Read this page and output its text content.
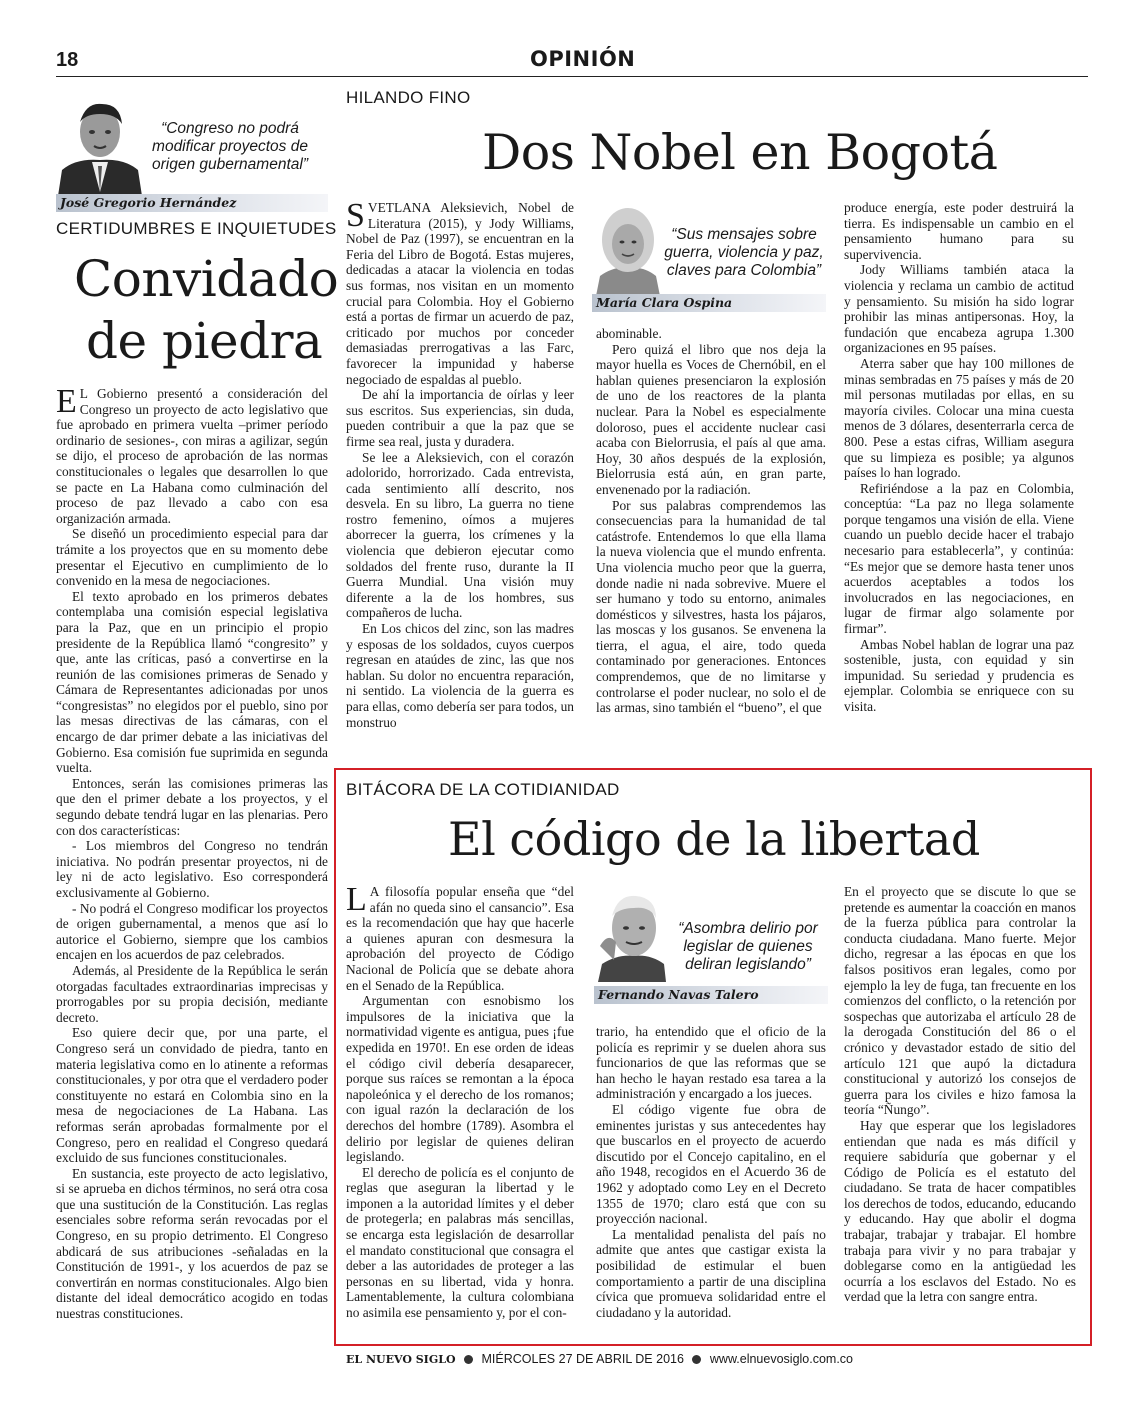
18	OPINIÓN
“Congreso no podrá modificar proyectos de origen gubernamental”
José Gregorio Hernández
CERTIDUMBRES E INQUIETUDES
Convidado
de piedra

E L Gobierno presentó a consideración del Congreso un proyecto de acto legislativo que fue aprobado en primera vuelta –primer período ordinario de sesiones-, con miras a agilizar, según se dijo, el proceso de aprobación de las normas constitucionales o legales que desarrollen lo que se pacte en La Habana como culminación del proceso de paz llevado a cabo con esa organización armada.

Se diseñó un procedimiento especial para dar trámite a los proyectos que en su momento debe presentar el Ejecutivo en cumplimiento de lo convenido en la mesa de negociaciones.

El texto aprobado en los primeros debates contemplaba una comisión especial legislativa para la Paz, que en un principio el propio presidente de la República llamó “congresito” y que, ante las críticas, pasó a convertirse en la reunión de las comisiones primeras de Senado y Cámara de Representantes adicionadas por unos “congresistas” no elegidos por el pueblo, sino por las mesas directivas de las cámaras, con el encargo de dar primer debate a las iniciativas del Gobierno. Esa comisión fue suprimida en segunda vuelta.

Entonces, serán las comisiones primeras las que den el primer debate a los proyectos, y el segundo debate tendrá lugar en las plenarias. Pero con dos características:

- Los miembros del Congreso no tendrán iniciativa. No podrán presentar proyectos, ni de ley ni de acto legislativo. Eso corresponderá exclusivamente al Gobierno.

- No podrá el Congreso modificar los proyectos de origen gubernamental, a menos que así lo autorice el Gobierno, siempre que los cambios encajen en los acuerdos de paz celebrados.

Además, al Presidente de la República le serán otorgadas facultades extraordinarias imprecisas y prorrogables por su propia decisión, mediante decreto.

Eso quiere decir que, por una parte, el Congreso será un convidado de piedra, tanto en materia legislativa como en lo atinente a reformas constitucionales, y por otra que el verdadero poder constituyente no estará en Colombia sino en la mesa de negociaciones de La Habana. Las reformas serán aprobadas formalmente por el Congreso, pero en realidad el Congreso quedará excluido de sus funciones constitucionales.

En sustancia, este proyecto de acto legislativo, si se aprueba en dichos términos, no será otra cosa que una sustitución de la Constitución. Las reglas esenciales sobre reforma serán revocadas por el Congreso, en su propio detrimento. El Congreso abdicará de sus atribuciones -señaladas en la Constitución de 1991-, y los acuerdos de paz se convertirán en normas constitucionales. Algo bien distante del ideal democrático acogido en todas nuestras constituciones.

HILANDO FINO
Dos Nobel en Bogotá

SVETLANA Aleksievich, Nobel de Literatura (2015), y Jody Williams, Nobel de Paz (1997), se encuentran en la Feria del Libro de Bogotá. Estas mujeres, dedicadas a atacar la violencia en todas sus formas, nos visitan en un momento crucial para Colombia. Hoy el Gobierno está a portas de firmar un acuerdo de paz, criticado por muchos por conceder demasiadas prerrogativas a las Farc, favorecer la impunidad y haberse negociado de espaldas al pueblo.

De ahí la importancia de oírlas y leer sus escritos. Sus experiencias, sin duda, pueden contribuir a que la paz que se firme sea real, justa y duradera.

Se lee a Aleksievich, con el corazón adolorido, horrorizado. Cada entrevista, cada sentimiento allí descrito, nos desvela. En su libro, La guerra no tiene rostro femenino, oímos a mujeres aborrecer la guerra, los crímenes y la violencia que debieron ejecutar como soldados del frente ruso, durante la II Guerra Mundial. Una visión muy diferente a la de los hombres, sus compañeros de lucha.

En Los chicos del zinc, son las madres y esposas de los soldados, cuyos cuerpos regresan en ataúdes de zinc, las que nos hablan. Su dolor no encuentra reparación, ni sentido. La violencia de la guerra es para ellas, como debería ser para todos, un monstruo

“Sus mensajes sobre guerra, violencia y paz, claves para Colombia”
María Clara Ospina

abominable.

Pero quizá el libro que nos deja la mayor huella es Voces de Chernóbil, en el hablan quienes presenciaron la explosión de uno de los reactores de la planta nuclear. Para la Nobel es especialmente doloroso, pues el accidente nuclear casi acaba con Bielorrusia, el país al que ama. Hoy, 30 años después de la explosión, Bielorrusia está aún, en gran parte, envenenado por la radiación.

Por sus palabras comprendemos las consecuencias para la humanidad de tal catástrofe. Entendemos lo que ella llama la nueva violencia que el mundo enfrenta. Una violencia mucho peor que la guerra, donde nadie ni nada sobrevive. Muere el ser humano y todo su entorno, animales domésticos y silvestres, hasta los pájaros, las moscas y los gusanos. Se envenena la tierra, el agua, el aire, todo queda contaminado por generaciones. Entonces comprendemos, que de no limitarse y controlarse el poder nuclear, no solo el de las armas, sino también el “bueno”, el que

produce energía, este poder destruirá la tierra. Es indispensable un cambio en el pensamiento humano para su supervivencia.

Jody Williams también ataca la violencia y reclama un cambio de actitud y pensamiento. Su misión ha sido lograr prohibir las minas antipersonas. Hoy, la fundación que encabeza agrupa 1.300 organizaciones en 95 países.

Aterra saber que hay 100 millones de minas sembradas en 75 países y más de 20 mil personas mutiladas por ellas, en su mayoría civiles. Colocar una mina cuesta menos de 3 dólares, desenterrarla cerca de 800. Pese a estas cifras, William asegura que su limpieza es posible; ya algunos países lo han logrado.

Refiriéndose a la paz en Colombia, conceptúa: “La paz no llega solamente porque tengamos una visión de ella. Viene cuando un pueblo decide hacer el trabajo necesario para establecerla”, y continúa: “Es mejor que se demore hasta tener unos acuerdos aceptables a todos los involucrados en las negociaciones, en lugar de firmar algo solamente por firmar”.

Ambas Nobel hablan de lograr una paz sostenible, justa, con equidad y sin impunidad. Su seriedad y prudencia es ejemplar. Colombia se enriquece con su visita.

BITÁCORA DE LA COTIDIANIDAD
El código de la libertad

L A filosofía popular enseña que “del afán no queda sino el cansancio”. Esa es la recomendación que hay que hacerle a quienes apuran con desmesura la aprobación del proyecto de Código Nacional de Policía que se debate ahora en el Senado de la República.

Argumentan con esnobismo los impulsores de la iniciativa que la normatividad vigente es antigua, pues ¡fue expedida en 1970!. En ese orden de ideas el código civil debería desaparecer, porque sus raíces se remontan a la época napoleónica y el derecho de los romanos; con igual razón la declaración de los derechos del hombre (1789). Asombra el delirio por legislar de quienes deliran legislando.

El derecho de policía es el conjunto de reglas que aseguran la libertad y le imponen a la autoridad límites y el deber de protegerla; en palabras más sencillas, se encarga esta legislación de desarrollar el mandato constitucional que consagra el deber a las autoridades de proteger a las personas en su libertad, vida y honra. Lamentablemente, la cultura colombiana no asimila ese pensamiento y, por el con-

“Asombra delirio por legislar de quienes deliran legislando”
Fernando Navas Talero

trario, ha entendido que el oficio de la policía es reprimir y se duelen ahora sus funcionarios de que las reformas que se han hecho le hayan restado esa tarea a la administración y encargado a los jueces.

El código vigente fue obra de eminentes juristas y sus antecedentes hay que buscarlos en el proyecto de acuerdo discutido por el Concejo capitalino, en el año 1948, recogidos en el Acuerdo 36 de 1962 y adoptado como Ley en el Decreto 1355 de 1970; claro está que con su proyección nacional.

La mentalidad penalista del país no admite que antes que castigar exista la posibilidad de estimular el buen comportamiento a partir de una disciplina cívica que promueva solidaridad entre el ciudadano y la autoridad.

En el proyecto que se discute lo que se pretende es aumentar la coacción en manos de la fuerza pública para controlar la conducta ciudadana. Mano fuerte. Mejor dicho, regresar a las épocas en que los falsos positivos eran legales, como por ejemplo la ley de fuga, tan frecuente en los comienzos del conflicto, o la retención por sospechas que autorizaba el artículo 28 de la derogada Constitución del 86 o el crónico y devastador estado de sitio del artículo 121 que aupó la dictadura constitucional y autorizó los consejos de guerra para los civiles e hizo famosa la teoría “Ñungo”.

Hay que esperar que los legisladores entiendan que nada es más difícil y requiere sabiduría que gobernar y el Código de Policía es el estatuto del ciudadano. Se trata de hacer compatibles los derechos de todos, educando, educando y educando. Hay que abolir el dogma trabajar, trabajar y trabajar. El hombre trabaja para vivir y no para trabajar y doblegarse como en la antigüedad les ocurría a los esclavos del Estado. No es verdad que la letra con sangre entra.

EL NUEVO SIGLO MIÉRCOLES 27 DE ABRIL DE 2016 www.elnuevosiglo.com.co
